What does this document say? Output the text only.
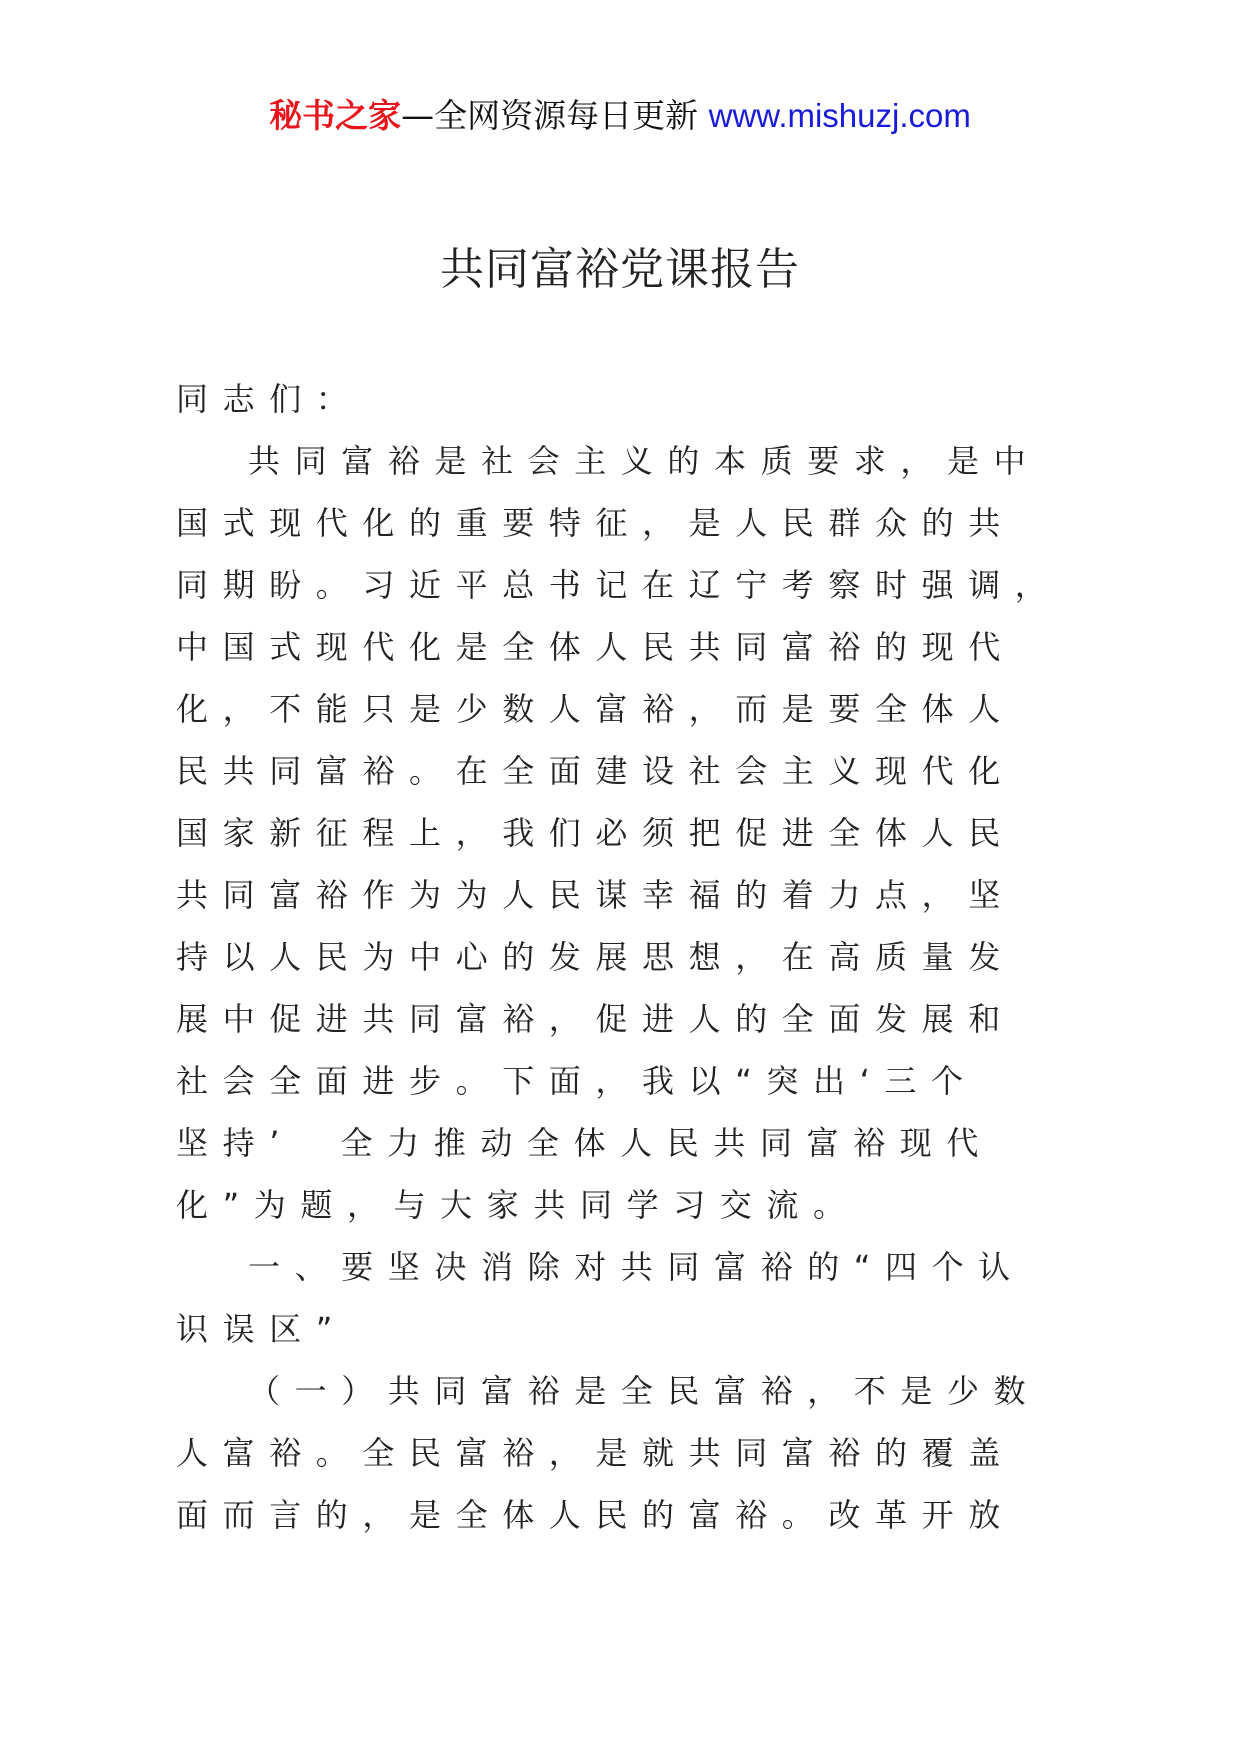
秘书之家—全网资源每日更新 www.mishuzj.com
共同富裕党课报告
同志们：
共同富裕是社会主义的本质要求，是中
国式现代化的重要特征，是人民群众的共
同期盼。习近平总书记在辽宁考察时强调，
中国式现代化是全体人民共同富裕的现代
化，不能只是少数人富裕，而是要全体人
民共同富裕。在全面建设社会主义现代化
国家新征程上，我们必须把促进全体人民
共同富裕作为为人民谋幸福的着力点，坚
持以人民为中心的发展思想，在高质量发
展中促进共同富裕，促进人的全面发展和
社会全面进步。下面，我以“突出‘三个
坚持’　全力推动全体人民共同富裕现代
化”为题，与大家共同学习交流。
一、要坚决消除对共同富裕的“四个认
识误区”
（一）共同富裕是全民富裕，不是少数
人富裕。全民富裕，是就共同富裕的覆盖
面而言的，是全体人民的富裕。改革开放
